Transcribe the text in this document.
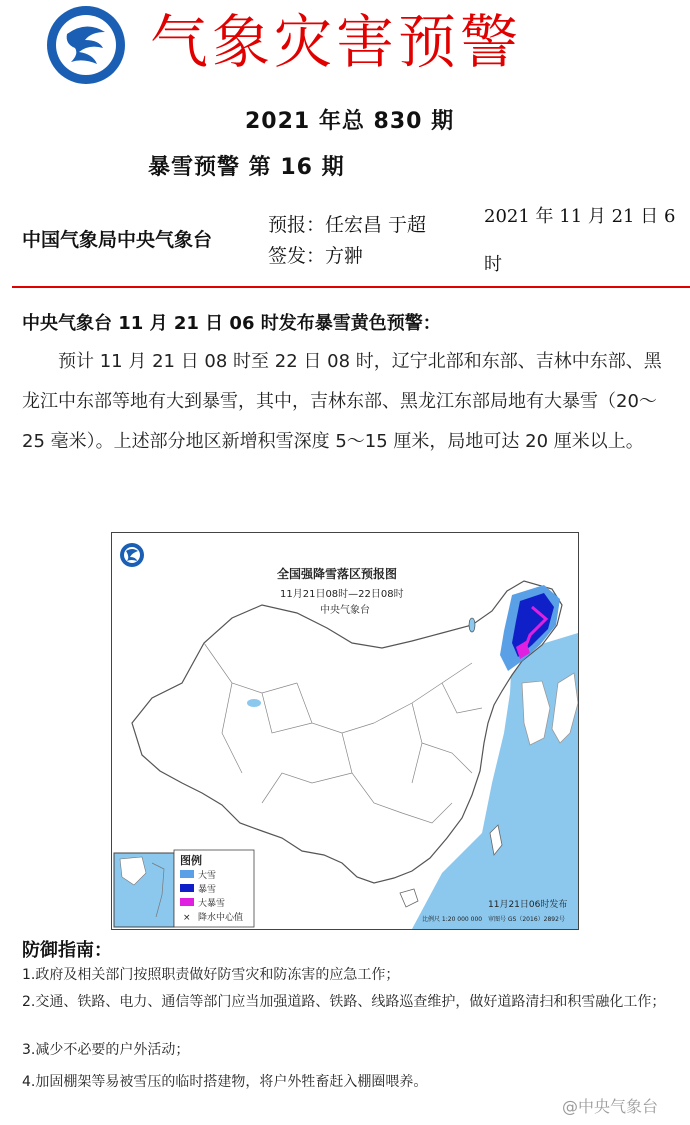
气象灾害预警
2021 年总 830 期
暴雪预警 第 16 期
中国气象局中央气象台
预报：任宏昌 于超
签发：方翀
2021 年 11 月 21 日 6
时
中央气象台 11 月 21 日 06 时发布暴雪黄色预警：
预计 11 月 21 日 08 时至 22 日 08 时，辽宁北部和东部、吉林中东部、黑龙江中东部等地有大到暴雪，其中，吉林东部、黑龙江东部局地有大暴雪（20～25 毫米）。上述部分地区新增积雪深度 5～15 厘米，局地可达 20 厘米以上。
图例
大雪
暴雪
大暴雪
× 降水中心值
全国强降雪落区预报图
11月21日08时—22日08时
中央气象台
11月21日06时发布
比例尺 1:20 000 000 审图号 GS（2016）2892号
防御指南：
1.政府及相关部门按照职责做好防雪灾和防冻害的应急工作；
2.交通、铁路、电力、通信等部门应当加强道路、铁路、线路巡查维护，做好道路清扫和积雪融化工作；
3.减少不必要的户外活动；
4.加固棚架等易被雪压的临时搭建物，将户外牲畜赶入棚圈喂养。
@中央气象台
